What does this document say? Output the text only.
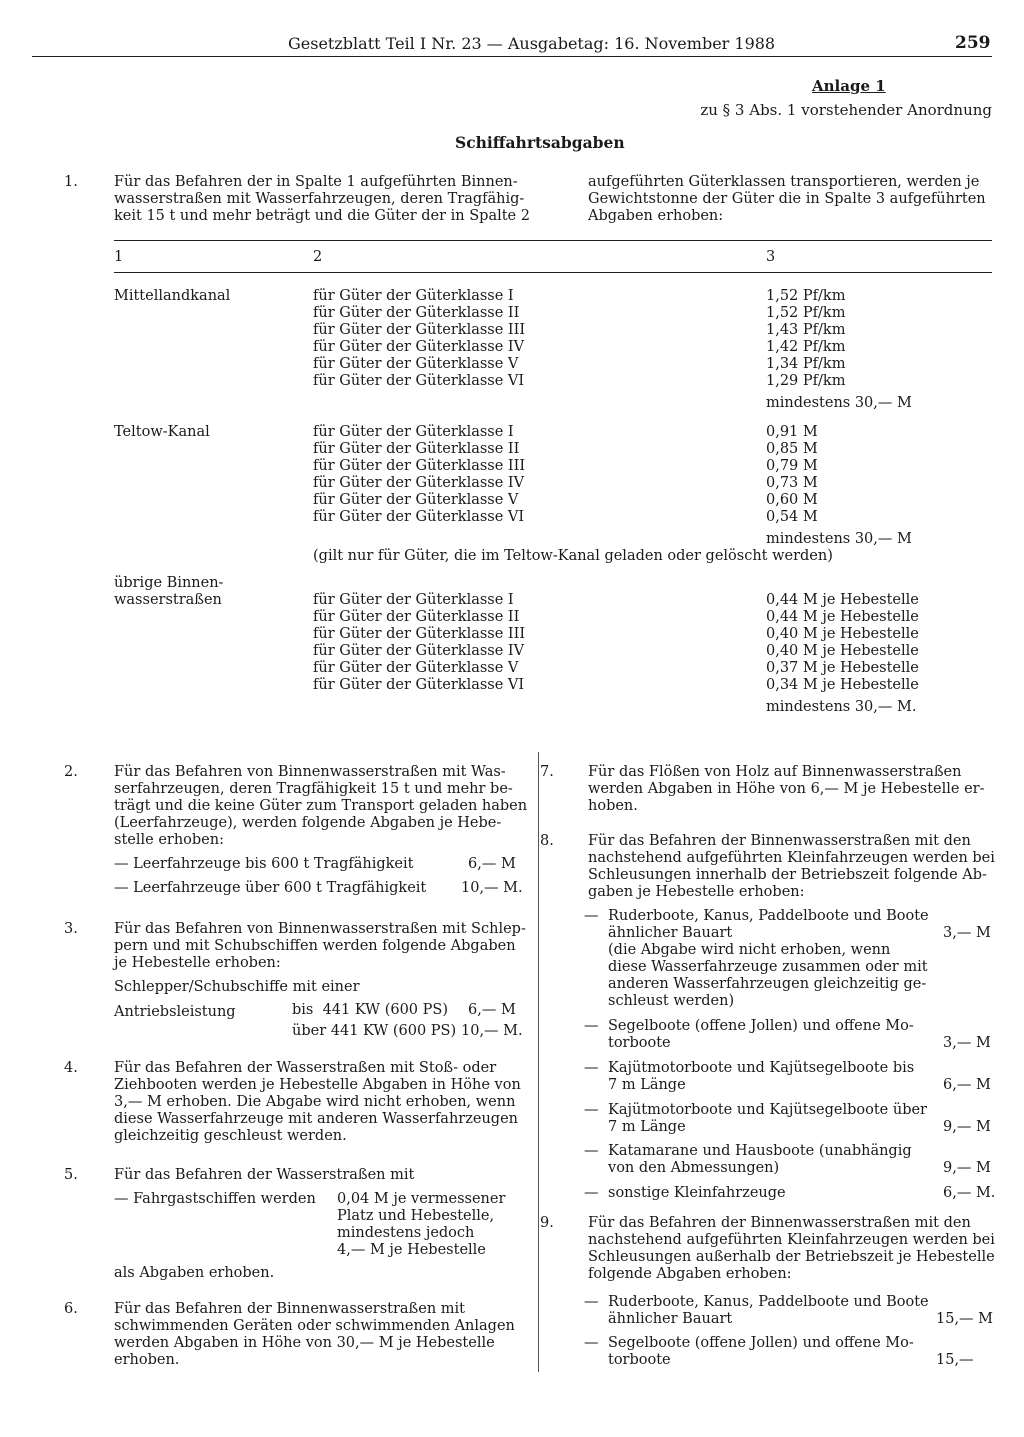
Gesetzblatt Teil I Nr. 23 — Ausgabetag: 16. November 1988	259
Anlage 1
zu § 3 Abs. 1 vorstehender Anordnung
Schiffahrtsabgaben
1. Für das Befahren der in Spalte 1 aufgeführten Binnen-
wasserstraßen mit Wasserfahrzeugen, deren Tragfähig-
keit 15 t und mehr beträgt und die Güter der in Spalte 2
aufgeführten Güterklassen transportieren, werden je
Gewichtstonne der Güter die in Spalte 3 aufgeführten
Abgaben erhoben:
1	2	3
Mittellandkanal	für Güter der Güterklasse I	1,52 Pf/km
für Güter der Güterklasse II	1,52 Pf/km
für Güter der Güterklasse III	1,43 Pf/km
für Güter der Güterklasse IV	1,42 Pf/km
für Güter der Güterklasse V	1,34 Pf/km
für Güter der Güterklasse VI	1,29 Pf/km
mindestens 30,— M
Teltow-Kanal	für Güter der Güterklasse I	0,91 M
für Güter der Güterklasse II	0,85 M
für Güter der Güterklasse III	0,79 M
für Güter der Güterklasse IV	0,73 M
für Güter der Güterklasse V	0,60 M
für Güter der Güterklasse VI	0,54 M
mindestens 30,— M
(gilt nur für Güter, die im Teltow-Kanal geladen oder gelöscht werden)
übrige Binnen-
wasserstraßen	für Güter der Güterklasse I	0,44 M je Hebestelle
für Güter der Güterklasse II	0,44 M je Hebestelle
für Güter der Güterklasse III	0,40 M je Hebestelle
für Güter der Güterklasse IV	0,40 M je Hebestelle
für Güter der Güterklasse V	0,37 M je Hebestelle
für Güter der Güterklasse VI	0,34 M je Hebestelle
mindestens 30,— M.
2. Für das Befahren von Binnenwasserstraßen mit Was-
serfahrzeugen, deren Tragfähigkeit 15 t und mehr be-
trägt und die keine Güter zum Transport geladen haben
(Leerfahrzeuge), werden folgende Abgaben je Hebe-
stelle erhoben:
— Leerfahrzeuge bis 600 t Tragfähigkeit	6,— M
— Leerfahrzeuge über 600 t Tragfähigkeit 10,— M.
3. Für das Befahren von Binnenwasserstraßen mit Schlep-
pern und mit Schubschiffen werden folgende Abgaben
je Hebestelle erhoben:
Schlepper/Schubschiffe mit einer
Antriebsleistung	bis  441 KW (600 PS) 6,— M
über 441 KW (600 PS) 10,— M.
4. Für das Befahren der Wasserstraßen mit Stoß- oder
Ziehbooten werden je Hebestelle Abgaben in Höhe von
3,— M erhoben. Die Abgabe wird nicht erhoben, wenn
diese Wasserfahrzeuge mit anderen Wasserfahrzeugen
gleichzeitig geschleust werden.
5. Für das Befahren der Wasserstraßen mit
— Fahrgastschiffen werden 0,04 M je vermessener
Platz und Hebestelle,
mindestens jedoch
4,— M je Hebestelle
als Abgaben erhoben.
6. Für das Befahren der Binnenwasserstraßen mit
schwimmenden Geräten oder schwimmenden Anlagen
werden Abgaben in Höhe von 30,— M je Hebestelle
erhoben.
7. Für das Flößen von Holz auf Binnenwasserstraßen
werden Abgaben in Höhe von 6,— M je Hebestelle er-
hoben.
8. Für das Befahren der Binnenwasserstraßen mit den
nachstehend aufgeführten Kleinfahrzeugen werden bei
Schleusungen innerhalb der Betriebszeit folgende Ab-
gaben je Hebestelle erhoben:
— Ruderboote, Kanus, Paddelboote und Boote
ähnlicher Bauart
(die Abgabe wird nicht erhoben, wenn
diese Wasserfahrzeuge zusammen oder mit
anderen Wasserfahrzeugen gleichzeitig ge-
schleust werden)
3,— M
— Segelboote (offene Jollen) und offene Mo-
torboote	3,— M
— Kajütmotorboote und Kajütsegelboote bis
7 m Länge	6,— M
— Kajütmotorboote und Kajütsegelboote über
7 m Länge	9,— M
— Katamarane und Hausboote (unabhängig
von den Abmessungen)	9,— M
— sonstige Kleinfahrzeuge	6,— M.
9. Für das Befahren der Binnenwasserstraßen mit den
nachstehend aufgeführten Kleinfahrzeugen werden bei
Schleusungen außerhalb der Betriebszeit je Hebestelle
folgende Abgaben erhoben:
— Ruderboote, Kanus, Paddelboote und Boote
ähnlicher Bauart	15,— M
— Segelboote (offene Jollen) und offene Mo-
torboote	15,—
